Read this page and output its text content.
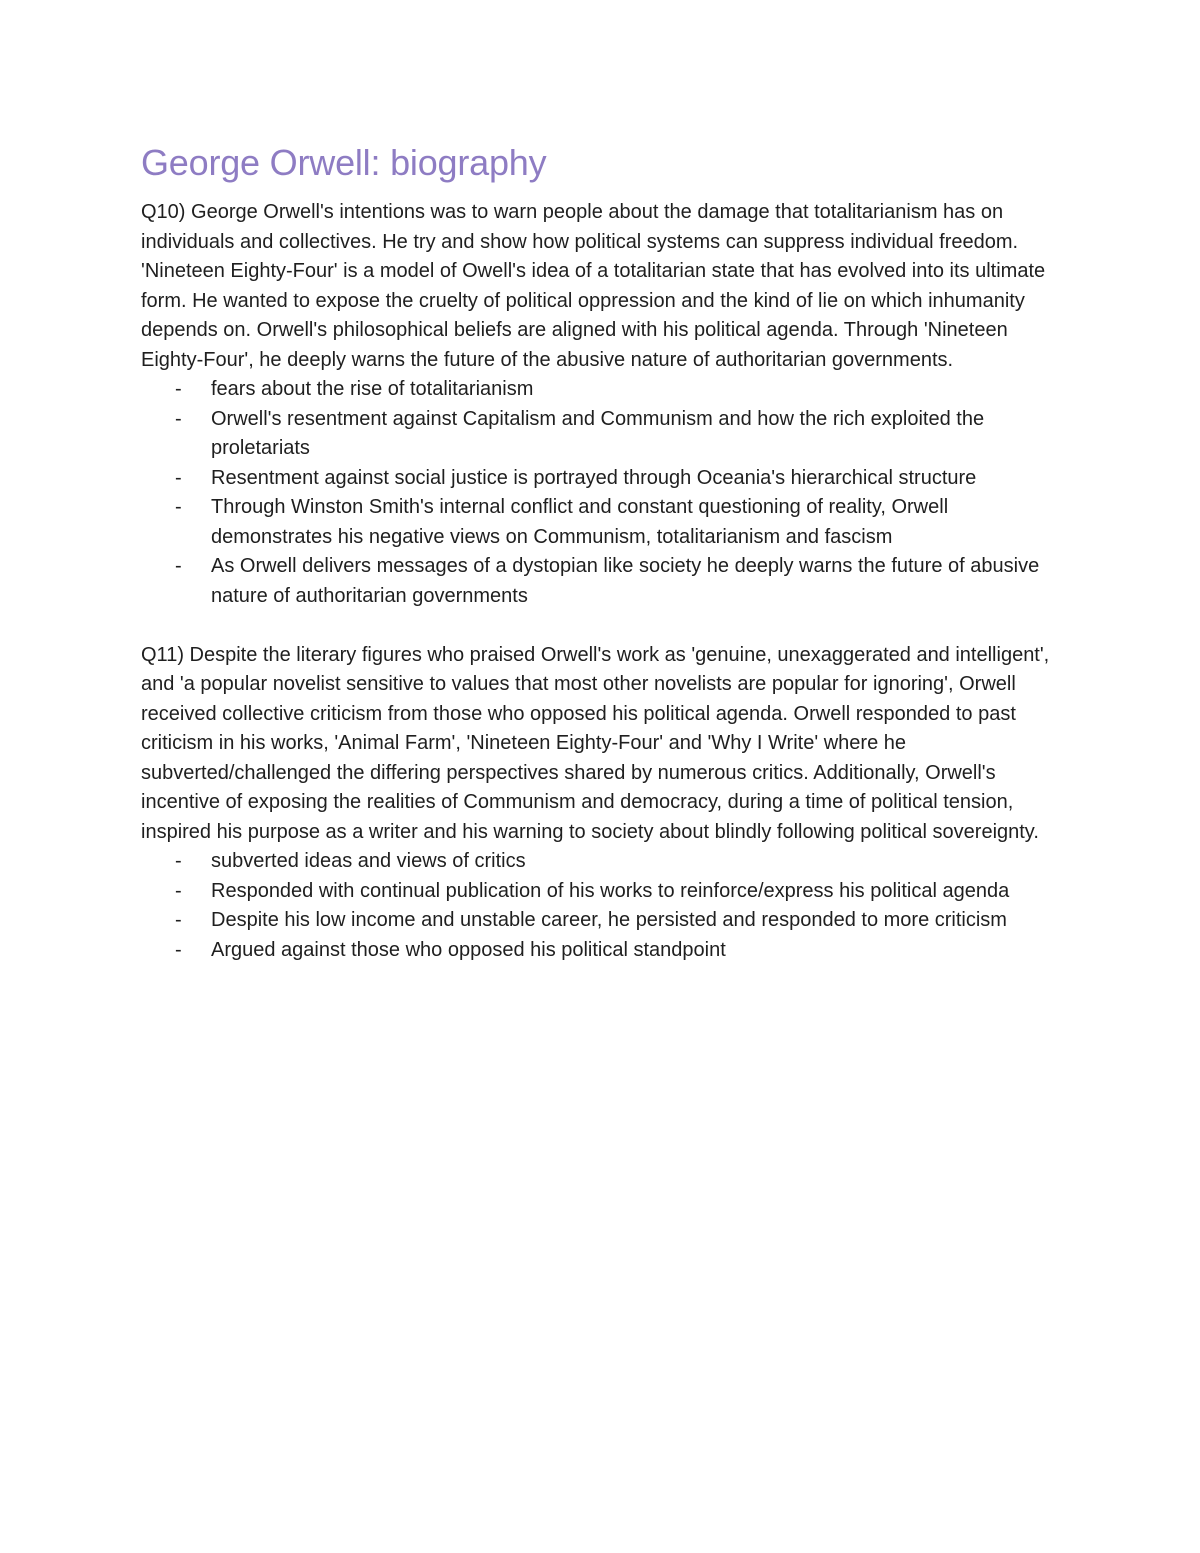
George Orwell: biography

Q10) George Orwell's intentions was to warn people about the damage that totalitarianism has on individuals and collectives. He try and show how political systems can suppress individual freedom. 'Nineteen Eighty-Four' is a model of Owell's idea of a totalitarian state that has evolved into its ultimate form. He wanted to expose the cruelty of political oppression and the kind of lie on which inhumanity depends on. Orwell's philosophical beliefs are aligned with his political agenda. Through 'Nineteen Eighty-Four', he deeply warns the future of the abusive nature of authoritarian governments.

- fears about the rise of totalitarianism
- Orwell's resentment against Capitalism and Communism and how the rich exploited the proletariats
- Resentment against social justice is portrayed through Oceania's hierarchical structure
- Through Winston Smith's internal conflict and constant questioning of reality, Orwell demonstrates his negative views on Communism, totalitarianism and fascism
- As Orwell delivers messages of a dystopian like society he deeply warns the future of abusive nature of authoritarian governments

Q11) Despite the literary figures who praised Orwell's work as 'genuine, unexaggerated and intelligent', and 'a popular novelist sensitive to values that most other novelists are popular for ignoring', Orwell received collective criticism from those who opposed his political agenda. Orwell responded to past criticism in his works, 'Animal Farm', 'Nineteen Eighty-Four' and 'Why I Write' where he subverted/challenged the differing perspectives shared by numerous critics. Additionally, Orwell's incentive of exposing the realities of Communism and democracy, during a time of political tension, inspired his purpose as a writer and his warning to society about blindly following political sovereignty.

- subverted ideas and views of critics
- Responded with continual publication of his works to reinforce/express his political agenda
- Despite his low income and unstable career, he persisted and responded to more criticism
- Argued against those who opposed his political standpoint
